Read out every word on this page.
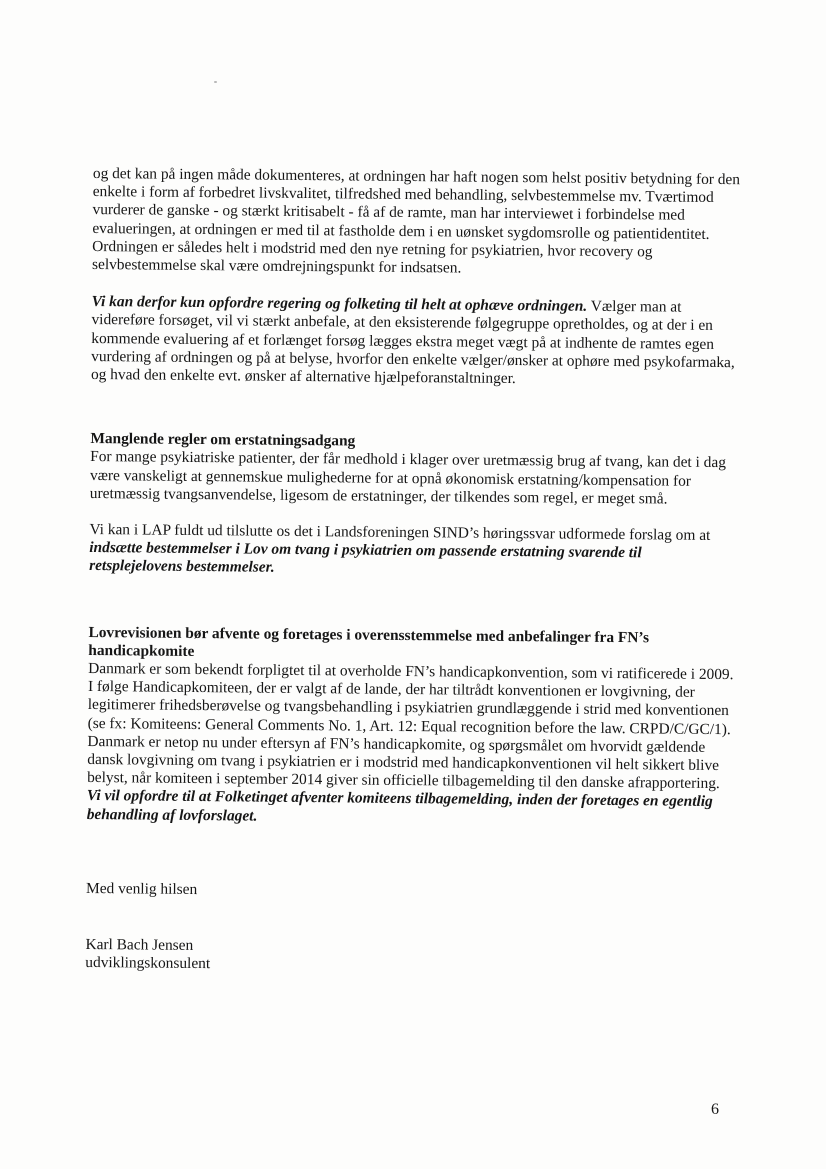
og det kan på ingen måde dokumenteres, at ordningen har haft nogen som helst positiv betydning for den enkelte i form af forbedret livskvalitet, tilfredshed med behandling, selvbestemmelse mv. Tværtimod vurderer de ganske - og stærkt kritisabelt - få af de ramte, man har interviewet i forbindelse med evalueringen, at ordningen er med til at fastholde dem i en uønsket sygdomsrolle og patientidentitet. Ordningen er således helt i modstrid med den nye retning for psykiatrien, hvor recovery og selvbestemmelse skal være omdrejningspunkt for indsatsen.

Vi kan derfor kun opfordre regering og folketing til helt at ophæve ordningen. Vælger man at videreføre forsøget, vil vi stærkt anbefale, at den eksisterende følgegruppe opretholdes, og at der i en kommende evaluering af et forlænget forsøg lægges ekstra meget vægt på at indhente de ramtes egen vurdering af ordningen og på at belyse, hvorfor den enkelte vælger/ønsker at ophøre med psykofarmaka, og hvad den enkelte evt. ønsker af alternative hjælpeforanstaltninger.

Manglende regler om erstatningsadgang

For mange psykiatriske patienter, der får medhold i klager over uretmæssig brug af tvang, kan det i dag være vanskeligt at gennemskue mulighederne for at opnå økonomisk erstatning/kompensation for uretmæssig tvangsanvendelse, ligesom de erstatninger, der tilkendes som regel, er meget små.

Vi kan i LAP fuldt ud tilslutte os det i Landsforeningen SIND’s høringssvar udformede forslag om at indsætte bestemmelser i Lov om tvang i psykiatrien om passende erstatning svarende til retsplejelovens bestemmelser.

Lovrevisionen bør afvente og foretages i overensstemmelse med anbefalinger fra FN’s handicapkomite

Danmark er som bekendt forpligtet til at overholde FN’s handicapkonvention, som vi ratificerede i 2009. I følge Handicapkomiteen, der er valgt af de lande, der har tiltrådt konventionen er lovgivning, der legitimerer frihedsberøvelse og tvangsbehandling i psykiatrien grundlæggende i strid med konventionen (se fx: Komiteens: General Comments No. 1, Art. 12: Equal recognition before the law. CRPD/C/GC/1). Danmark er netop nu under eftersyn af FN’s handicapkomite, og spørgsmålet om hvorvidt gældende dansk lovgivning om tvang i psykiatrien er i modstrid med handicapkonventionen vil helt sikkert blive belyst, når komiteen i september 2014 giver sin officielle tilbagemelding til den danske afrapportering. Vi vil opfordre til at Folketinget afventer komiteens tilbagemelding, inden der foretages en egentlig behandling af lovforslaget.

Med venlig hilsen

Karl Bach Jensen

udviklingskonsulent

6
